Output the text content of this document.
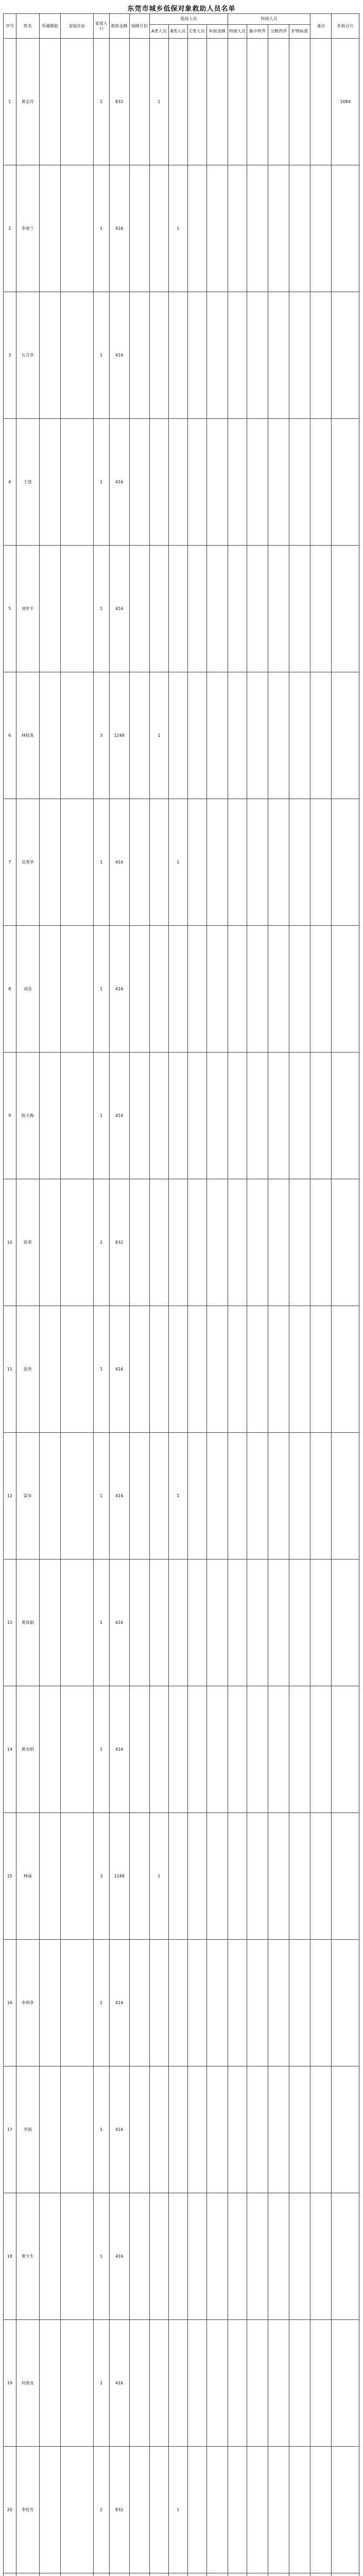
东莞市城乡低保对象救助人员名单
序号	姓名	所属镇街	家庭住址	家庭人口	救助金额	保障月份	低保人员				特困人员				备注	补助合计
							A类人员	B类人员	C类人员	补助金额	特困人员	集中供养	分散供养	护理标准		
1	黄志玲			2	832		1									1084
2	李春兰			1	416			1								
3	石月华			1	416											
4	王进			1	416											
5	刘世平			1	416											
6	林桂英			3	1248		1									
7	吴秀华			1	416			1								
8	刘金			1	416											
9	陈玉梅			1	416											
10	徐荣			2	832											
11	张洪			1	416											
12	梁有			1	416			1								
13	黄凤娟			1	416											
14	黄水明			1	416											
15	林丽			3	1248		1									
16	李利华			1	416											
17	李润			1	416											
18	黄少生			1	416											
19	何海龙			1	416											
20	李桂芳			2	832			1								
